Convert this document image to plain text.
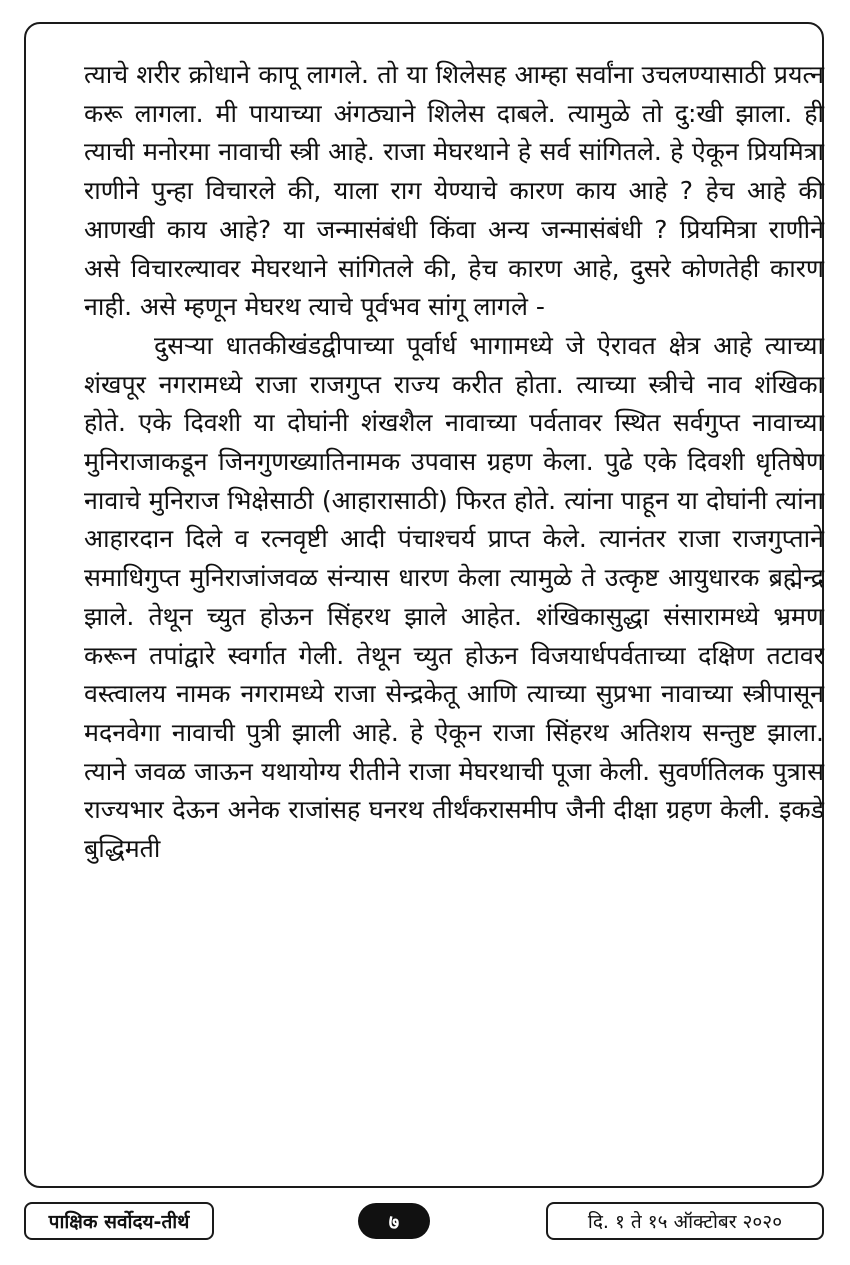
त्याचे शरीर क्रोधाने कापू लागले. तो या शिलेसह आम्हा सर्वांना उचलण्यासाठी प्रयत्न करू लागला. मी पायाच्या अंगठ्याने शिलेस दाबले. त्यामुळे तो दु:खी झाला. ही त्याची मनोरमा नावाची स्त्री आहे. राजा मेघरथाने हे सर्व सांगितले. हे ऐकून प्रियमित्रा राणीने पुन्हा विचारले की, याला राग येण्याचे कारण काय आहे ? हेच आहे की आणखी काय आहे? या जन्मासंबंधी किंवा अन्य जन्मासंबंधी ? प्रियमित्रा राणीने असे विचारल्यावर मेघरथाने सांगितले की, हेच कारण आहे, दुसरे कोणतेही कारण नाही. असे म्हणून मेघरथ त्याचे पूर्वभव सांगू लागले -

दुसऱ्या धातकीखंडद्वीपाच्या पूर्वार्ध भागामध्ये जे ऐरावत क्षेत्र आहे त्याच्या शंखपूर नगरामध्ये राजा राजगुप्त राज्य करीत होता. त्याच्या स्त्रीचे नाव शंखिका होते. एके दिवशी या दोघांनी शंखशैल नावाच्या पर्वतावर स्थित सर्वगुप्त नावाच्या मुनिराजाकडून जिनगुणख्यातिनामक उपवास ग्रहण केला. पुढे एके दिवशी धृतिषेण नावाचे मुनिराज भिक्षेसाठी (आहारासाठी) फिरत होते. त्यांना पाहून या दोघांनी त्यांना आहारदान दिले व रत्नवृष्टी आदी पंचाश्चर्य प्राप्त केले. त्यानंतर राजा राजगुप्ताने समाधिगुप्त मुनिराजांजवळ संन्यास धारण केला त्यामुळे ते उत्कृष्ट आयुधारक ब्रह्मेन्द्र झाले. तेथून च्युत होऊन सिंहरथ झाले आहेत. शंखिकासुद्धा संसारामध्ये भ्रमण करून तपांद्वारे स्वर्गात गेली. तेथून च्युत होऊन विजयार्धपर्वताच्या दक्षिण तटावर वस्त्वालय नामक नगरामध्ये राजा सेन्द्रकेतू आणि त्याच्या सुप्रभा नावाच्या स्त्रीपासून मदनवेगा नावाची पुत्री झाली आहे. हे ऐकून राजा सिंहरथ अतिशय सन्तुष्ट झाला. त्याने जवळ जाऊन यथायोग्य रीतीने राजा मेघरथाची पूजा केली. सुवर्णतिलक पुत्रास राज्यभार देऊन अनेक राजांसह घनरथ तीर्थंकरासमीप जैनी दीक्षा ग्रहण केली. इकडे बुद्धिमती

पाक्षिक सर्वोदय-तीर्थ	७	दि. १ ते १५ ऑक्टोबर २०२०
